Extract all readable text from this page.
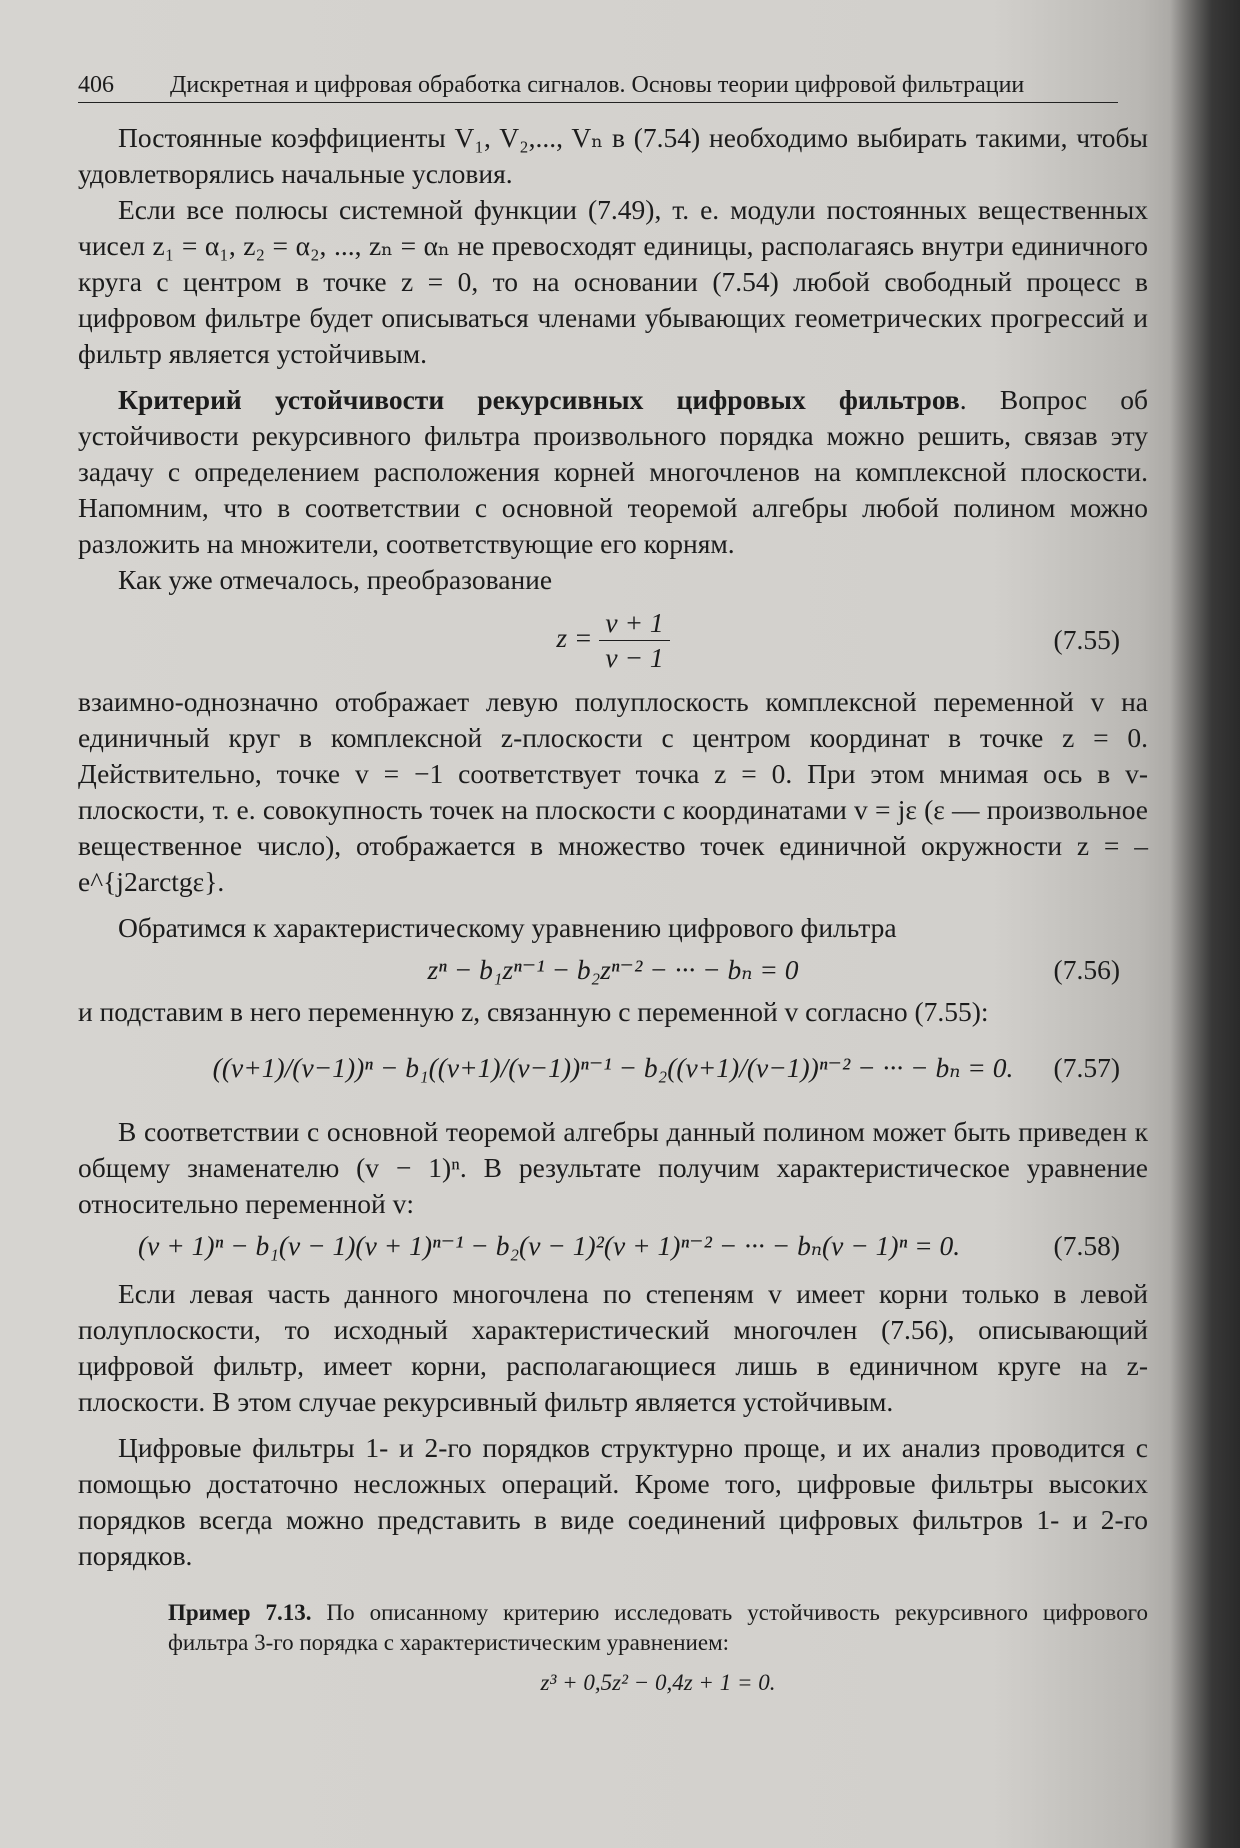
406 Дискретная и цифровая обработка сигналов. Основы теории цифровой фильтрации

Постоянные коэффициенты V₁, V₂,..., Vₙ в (7.54) необходимо выбирать такими, чтобы удовлетворялись начальные условия.

Если все полюсы системной функции (7.49), т. е. модули постоянных вещественных чисел z₁ = α₁, z₂ = α₂, ..., zₙ = αₙ не превосходят единицы, располагаясь внутри единичного круга с центром в точке z = 0, то на основании (7.54) любой свободный процесс в цифровом фильтре будет описываться членами убывающих геометрических прогрессий и фильтр является устойчивым.

Критерий устойчивости рекурсивных цифровых фильтров. Вопрос об устойчивости рекурсивного фильтра произвольного порядка можно решить, связав эту задачу с определением расположения корней многочленов на комплексной плоскости. Напомним, что в соответствии с основной теоремой алгебры любой полином можно разложить на множители, соответствующие его корням.

Как уже отмечалось, преобразование

$z = \frac{v + 1}{v - 1}$	(7.55)

взаимно-однозначно отображает левую полуплоскость комплексной переменной v на единичный круг в комплексной z-плоскости с центром координат в точке z = 0. Действительно, точке v = −1 соответствует точка z = 0. При этом мнимая ось в v-плоскости, т. е. совокупность точек на плоскости с координатами v = jε (ε — произвольное вещественное число), отображается в множество точек единичной окружности z = – e^{j2arctgε}.

Обратимся к характеристическому уравнению цифрового фильтра

zⁿ − b₁zⁿ⁻¹ − b₂zⁿ⁻² − ··· − bₙ = 0	(7.56)

и подставим в него переменную z, связанную с переменной v согласно (7.55):

((v+1)/(v−1))ⁿ − b₁((v+1)/(v−1))ⁿ⁻¹ − b₂((v+1)/(v−1))ⁿ⁻² − ··· − bₙ = 0.	(7.57)

В соответствии с основной теоремой алгебры данный полином может быть приведен к общему знаменателю (v − 1)ⁿ. В результате получим характеристическое уравнение относительно переменной v:

(v + 1)ⁿ − b₁(v − 1)(v + 1)ⁿ⁻¹ − b₂(v − 1)²(v + 1)ⁿ⁻² − ··· − bₙ(v − 1)ⁿ = 0.	(7.58)

Если левая часть данного многочлена по степеням v имеет корни только в левой полуплоскости, то исходный характеристический многочлен (7.56), описывающий цифровой фильтр, имеет корни, располагающиеся лишь в единичном круге на z-плоскости. В этом случае рекурсивный фильтр является устойчивым.

Цифровые фильтры 1- и 2-го порядков структурно проще, и их анализ проводится с помощью достаточно несложных операций. Кроме того, цифровые фильтры высоких порядков всегда можно представить в виде соединений цифровых фильтров 1- и 2-го порядков.

Пример 7.13. По описанному критерию исследовать устойчивость рекурсивного цифрового фильтра 3-го порядка с характеристическим уравнением:
z³ + 0,5z² − 0,4z + 1 = 0.
